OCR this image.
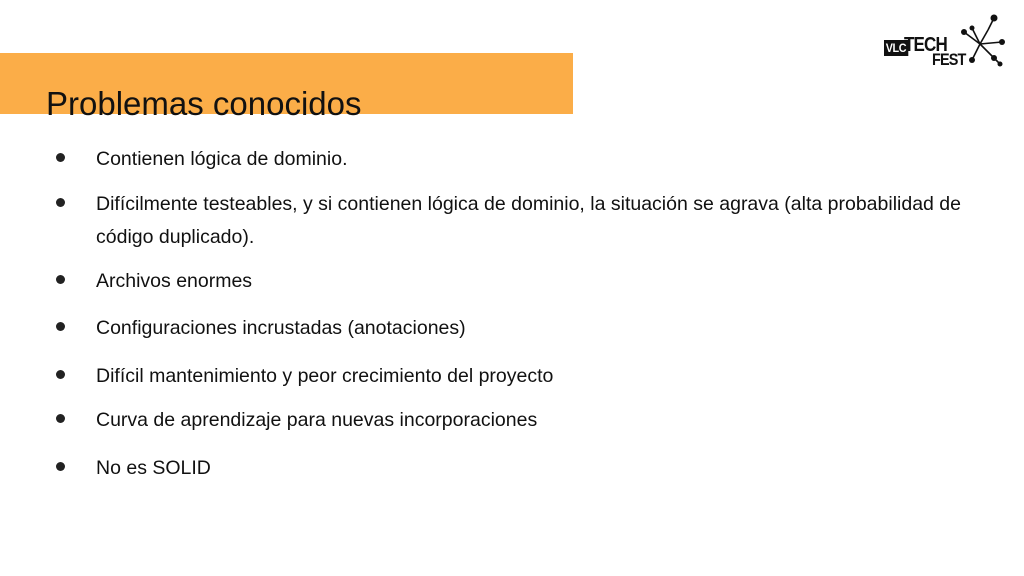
Problemas conocidos
VLC
TECH
FEST
Contienen lógica de dominio.
Difícilmente testeables, y si contienen lógica de dominio, la situación se agrava (alta probabilidad de código duplicado).
Archivos enormes
Configuraciones incrustadas (anotaciones)
Difícil mantenimiento y peor crecimiento del proyecto
Curva de aprendizaje para nuevas incorporaciones
No es SOLID
